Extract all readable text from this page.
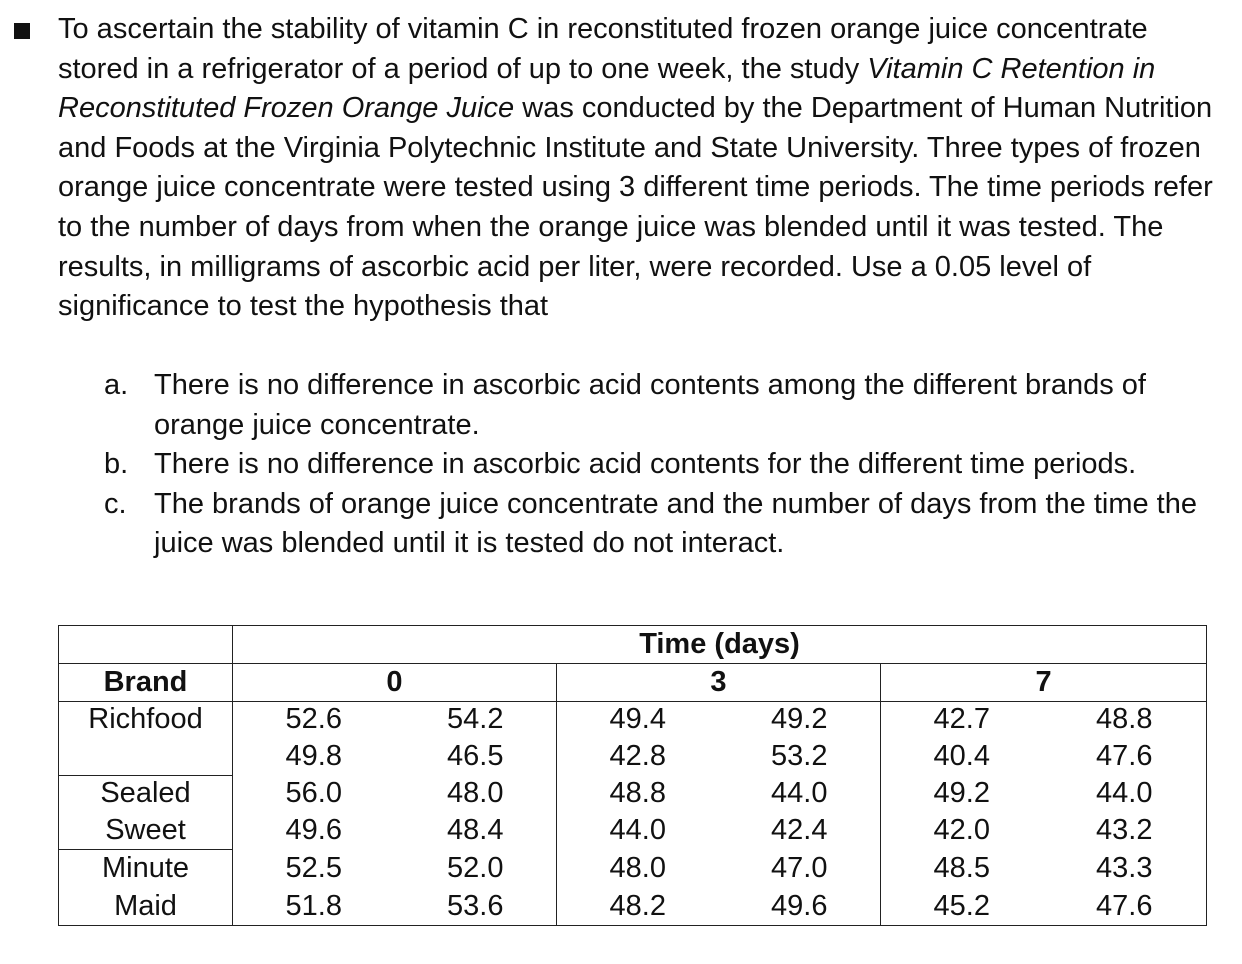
To ascertain the stability of vitamin C in reconstituted frozen orange juice concentrate stored in a refrigerator of a period of up to one week, the study Vitamin C Retention in Reconstituted Frozen Orange Juice was conducted by the Department of Human Nutrition and Foods at the Virginia Polytechnic Institute and State University. Three types of frozen orange juice concentrate were tested using 3 different time periods. The time periods refer to the number of days from when the orange juice was blended until it was tested. The results, in milligrams of ascorbic acid per liter, were recorded. Use a 0.05 level of significance to test the hypothesis that

a. There is no difference in ascorbic acid contents among the different brands of orange juice concentrate.
b. There is no difference in ascorbic acid contents for the different time periods.
c. The brands of orange juice concentrate and the number of days from the time the juice was blended until it is tested do not interact.
	Time (days)					
Brand	0		3		7	
Richfood	52.6	54.2	49.4	49.2	42.7	48.8
	49.8	46.5	42.8	53.2	40.4	47.6
Sealed	56.0	48.0	48.8	44.0	49.2	44.0
Sweet	49.6	48.4	44.0	42.4	42.0	43.2
Minute	52.5	52.0	48.0	47.0	48.5	43.3
Maid	51.8	53.6	48.2	49.6	45.2	47.6
